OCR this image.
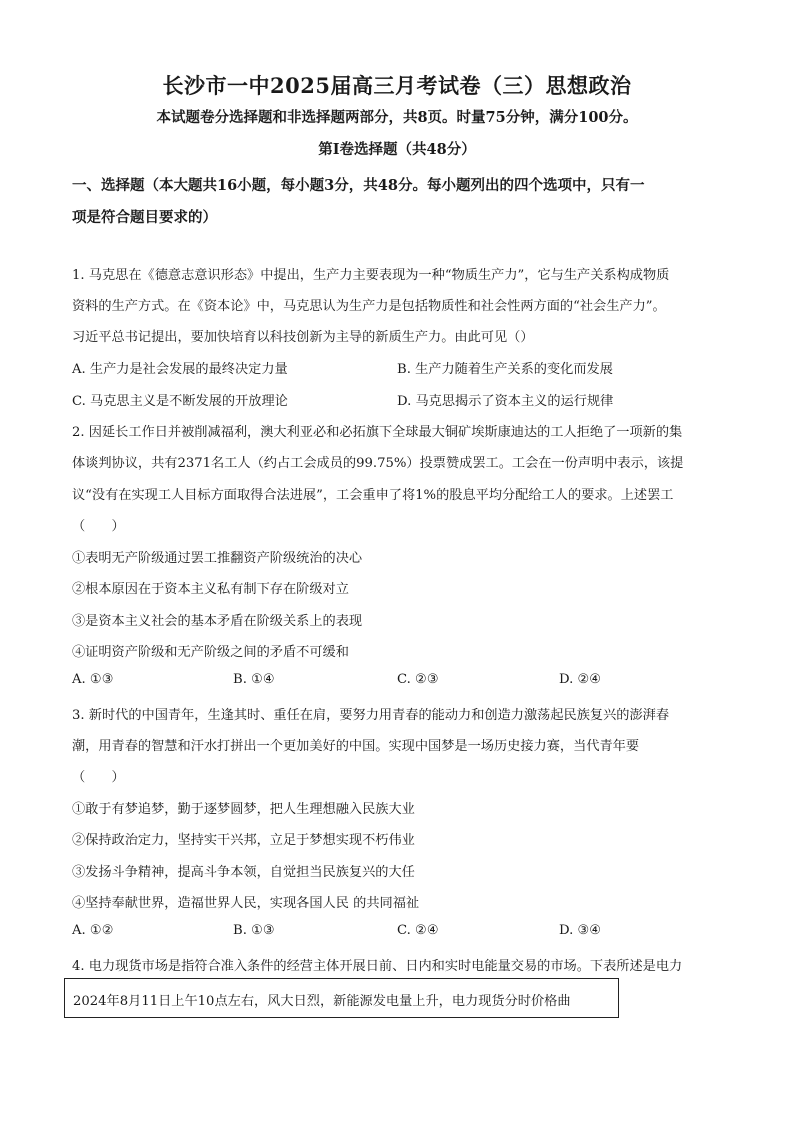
长沙市一中2025届高三月考试卷（三）思想政治
本试题卷分选择题和非选择题两部分，共8页。时量75分钟，满分100分。
第Ⅰ卷选择题（共48分）
一、选择题（本大题共16小题，每小题3分，共48分。每小题列出的四个选项中，只有一
项是符合题目要求的）
1. 马克思在《德意志意识形态》中提出，生产力主要表现为一种“物质生产力”，它与生产关系构成物质
资料的生产方式。在《资本论》中，马克思认为生产力是包括物质性和社会性两方面的“社会生产力”。
习近平总书记提出，要加快培育以科技创新为主导的新质生产力。由此可见（）
A. 生产力是社会发展的最终决定力量	B. 生产力随着生产关系的变化而发展
C. 马克思主义是不断发展的开放理论	D. 马克思揭示了资本主义的运行规律
2. 因延长工作日并被削减福利，澳大利亚必和必拓旗下全球最大铜矿埃斯康迪达的工人拒绝了一项新的集
体谈判协议，共有2371名工人（约占工会成员的99.75%）投票赞成罢工。工会在一份声明中表示，该提
议“没有在实现工人目标方面取得合法进展”，工会重申了将1%的股息平均分配给工人的要求。上述罢工
（　　）
①表明无产阶级通过罢工推翻资产阶级统治的决心
②根本原因在于资本主义私有制下存在阶级对立
③是资本主义社会的基本矛盾在阶级关系上的表现
④证明资产阶级和无产阶级之间的矛盾不可缓和
A. ①③	B. ①④	C. ②③	D. ②④
3. 新时代的中国青年，生逢其时、重任在肩，要努力用青春的能动力和创造力激荡起民族复兴的澎湃春
潮，用青春的智慧和汗水打拼出一个更加美好的中国。实现中国梦是一场历史接力赛，当代青年要
（　　）
①敢于有梦追梦，勤于逐梦圆梦，把人生理想融入民族大业
②保持政治定力，坚持实干兴邦，立足于梦想实现不朽伟业
③发扬斗争精神，提高斗争本领，自觉担当民族复兴的大任
④坚持奉献世界，造福世界人民，实现各国人民 的共同福祉
A. ①②	B. ①③	C. ②④	D. ③④
4. 电力现货市场是指符合准入条件的经营主体开展日前、日内和实时电能量交易的市场。下表所述是电力
2024年8月11日上午10点左右，风大日烈，新能源发电量上升，电力现货分时价格曲
